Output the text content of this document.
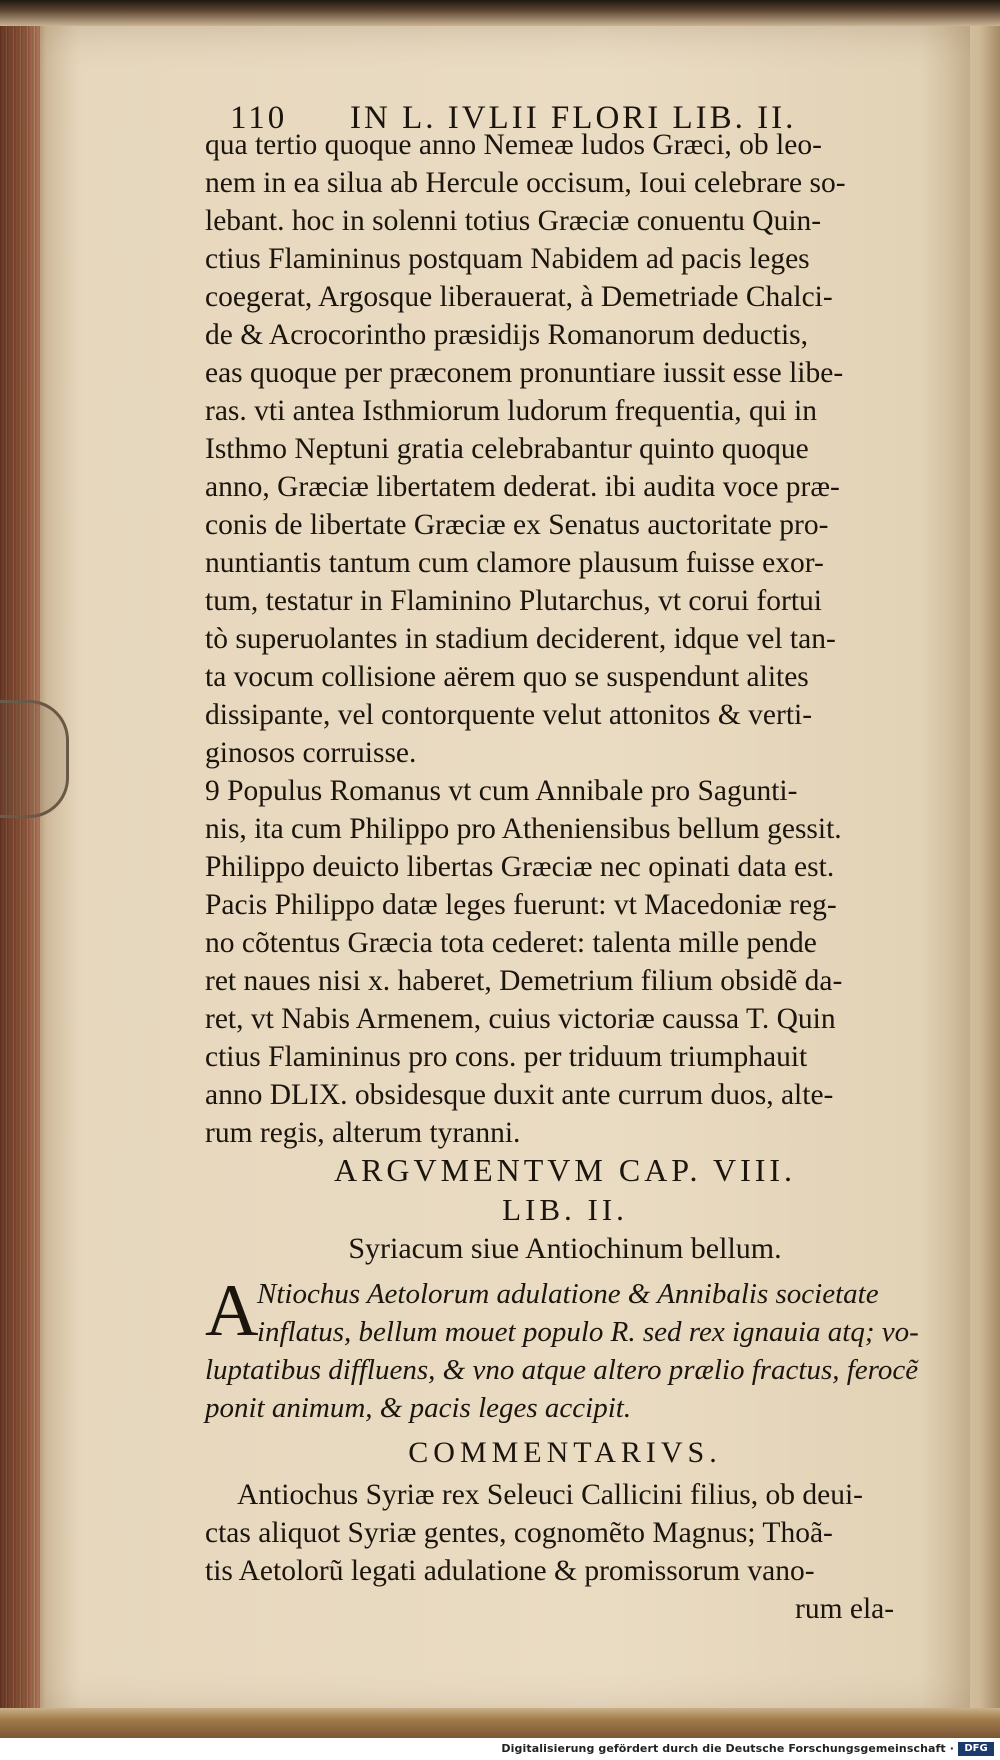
110 IN L. IVLII FLORI LIB. II.
qua tertio quoque anno Nemeæ ludos Græci, ob leo-
nem in ea silua ab Hercule occisum, Ioui celebrare so-
lebant. hoc in solenni totius Græciæ conuentu Quin-
ctius Flamininus postquam Nabidem ad pacis leges
coegerat, Argosque liberauerat, à Demetriade Chalci-
de & Acrocorintho præsidijs Romanorum deductis,
eas quoque per præconem pronuntiare iussit esse libe-
ras. vti antea Isthmiorum ludorum frequentia, qui in
Isthmo Neptuni gratia celebrabantur quinto quoque
anno, Græciæ libertatem dederat. ibi audita voce præ-
conis de libertate Græciæ ex Senatus auctoritate pro-
nuntiantis tantum cum clamore plausum fuisse exor-
tum, testatur in Flaminino Plutarchus, vt corui fortui
tò superuolantes in stadium deciderent, idque vel tan-
ta vocum collisione aërem quo se suspendunt alites
dissipante, vel contorquente velut attonitos & verti-
ginosos corruisse.
9 Populus Romanus vt cum Annibale pro Sagunti-
nis, ita cum Philippo pro Atheniensibus bellum gessit.
Philippo deuicto libertas Græciæ nec opinati data est.
Pacis Philippo datæ leges fuerunt: vt Macedoniæ reg-
no cõtentus Græcia tota cederet: talenta mille pende
ret naues nisi x. haberet, Demetrium filium obsidẽ da-
ret, vt Nabis Armenem, cuius victoriæ caussa T. Quin
ctius Flamininus pro cons. per triduum triumphauit
anno DLIX. obsidesque duxit ante currum duos, alte-
rum regis, alterum tyranni.
ARGVMENTVM CAP. VIII.
LIB. II.
Syriacum siue Antiochinum bellum.
A
Ntiochus Aetolorum adulatione & Annibalis societate
inflatus, bellum mouet populo R. sed rex ignauia atq; vo-
luptatibus diffluens, & vno atque altero prælio fractus, ferocẽ
ponit animum, & pacis leges accipit.
COMMENTARIVS.
Antiochus Syriæ rex Seleuci Callicini filius, ob deui-
ctas aliquot Syriæ gentes, cognomẽto Magnus; Thoã-
tis Aetolorũ legati adulatione & promissorum vano-
rum ela-
Digitalisierung gefördert durch die Deutsche Forschungsgemeinschaft ·	DFG
